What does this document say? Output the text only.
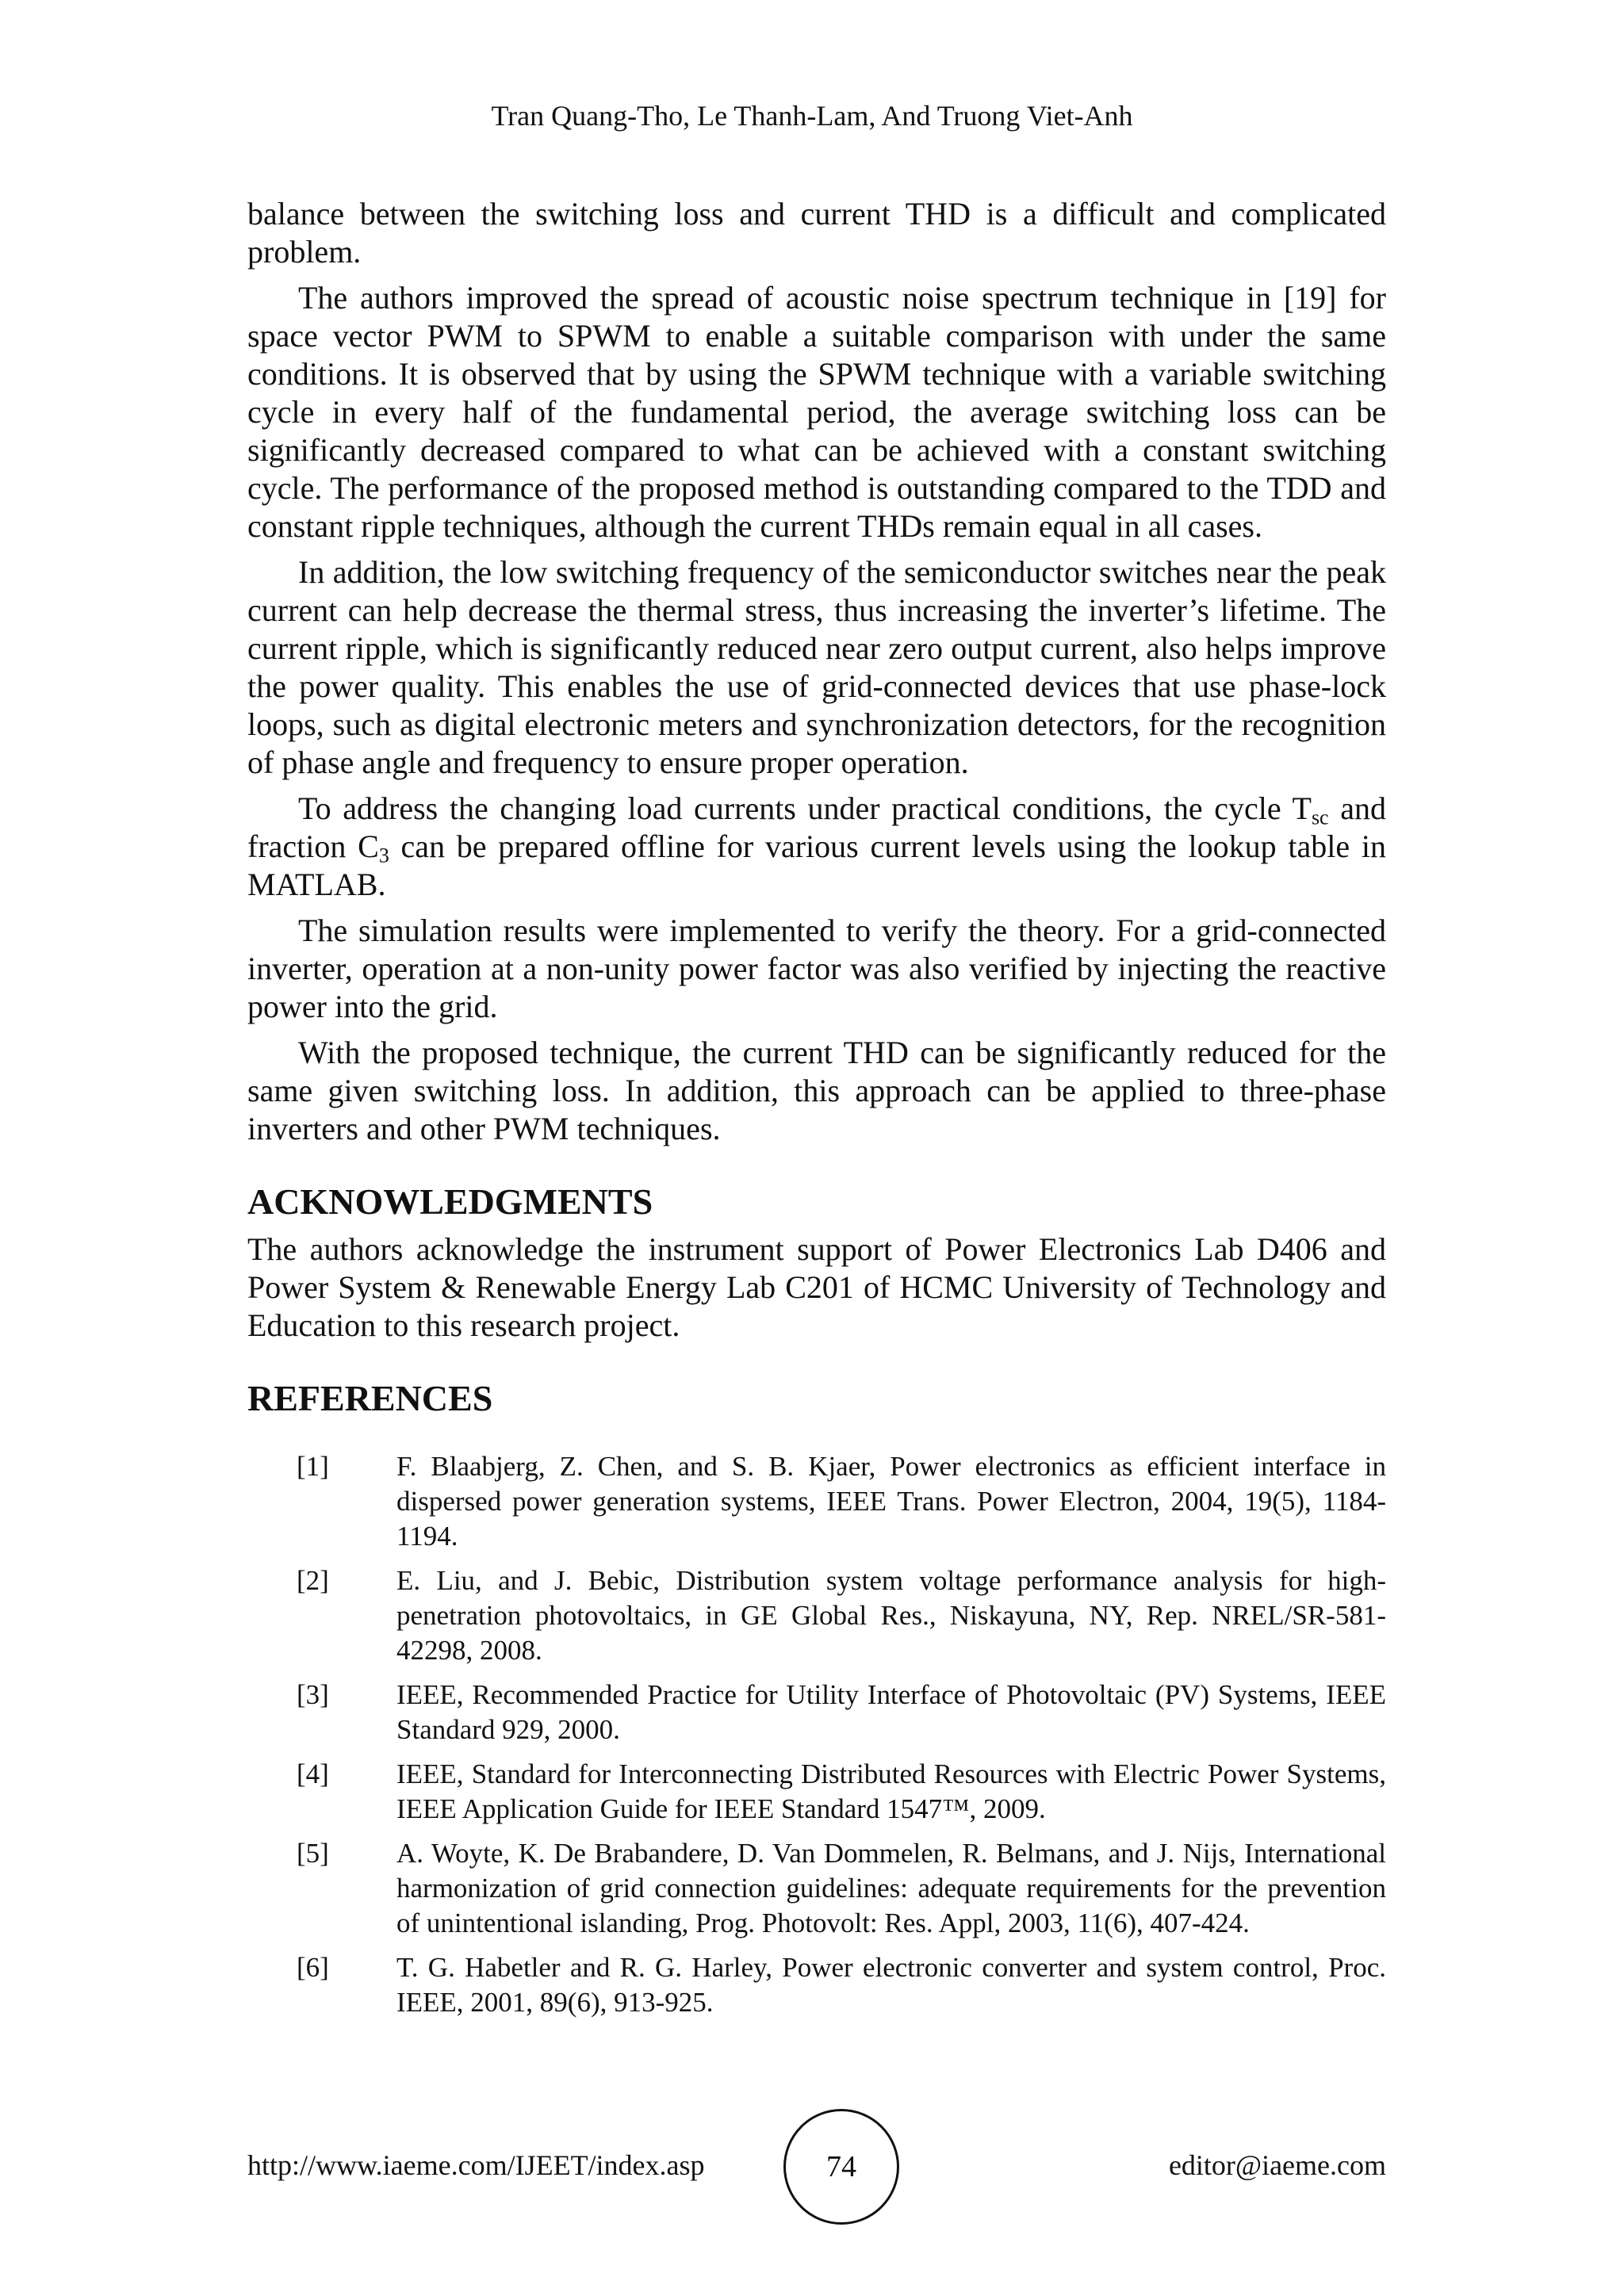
Tran Quang-Tho, Le Thanh-Lam, And Truong Viet-Anh

balance between the switching loss and current THD is a difficult and complicated problem.

The authors improved the spread of acoustic noise spectrum technique in [19] for space vector PWM to SPWM to enable a suitable comparison with under the same conditions. It is observed that by using the SPWM technique with a variable switching cycle in every half of the fundamental period, the average switching loss can be significantly decreased compared to what can be achieved with a constant switching cycle. The performance of the proposed method is outstanding compared to the TDD and constant ripple techniques, although the current THDs remain equal in all cases.

In addition, the low switching frequency of the semiconductor switches near the peak current can help decrease the thermal stress, thus increasing the inverter’s lifetime. The current ripple, which is significantly reduced near zero output current, also helps improve the power quality. This enables the use of grid-connected devices that use phase-lock loops, such as digital electronic meters and synchronization detectors, for the recognition of phase angle and frequency to ensure proper operation.

To address the changing load currents under practical conditions, the cycle $T_{sc}$ and fraction $C_3$ can be prepared offline for various current levels using the lookup table in MATLAB.

The simulation results were implemented to verify the theory. For a grid-connected inverter, operation at a non-unity power factor was also verified by injecting the reactive power into the grid.

With the proposed technique, the current THD can be significantly reduced for the same given switching loss. In addition, this approach can be applied to three-phase inverters and other PWM techniques.

ACKNOWLEDGMENTS

The authors acknowledge the instrument support of Power Electronics Lab D406 and Power System & Renewable Energy Lab C201 of HCMC University of Technology and Education to this research project.

REFERENCES
[1] F. Blaabjerg, Z. Chen, and S. B. Kjaer, Power electronics as efficient interface in dispersed power generation systems, IEEE Trans. Power Electron, 2004, 19(5), 1184-1194.
[2] E. Liu, and J. Bebic, Distribution system voltage performance analysis for high-penetration photovoltaics, in GE Global Res., Niskayuna, NY, Rep. NREL/SR-581-42298, 2008.
[3] IEEE, Recommended Practice for Utility Interface of Photovoltaic (PV) Systems, IEEE Standard 929, 2000.
[4] IEEE, Standard for Interconnecting Distributed Resources with Electric Power Systems, IEEE Application Guide for IEEE Standard 1547™, 2009.
[5] A. Woyte, K. De Brabandere, D. Van Dommelen, R. Belmans, and J. Nijs, International harmonization of grid connection guidelines: adequate requirements for the prevention of unintentional islanding, Prog. Photovolt: Res. Appl, 2003, 11(6), 407-424.
[6] T. G. Habetler and R. G. Harley, Power electronic converter and system control, Proc. IEEE, 2001, 89(6), 913-925.
http://www.iaeme.com/IJEET/index.asp	74	editor@iaeme.com
